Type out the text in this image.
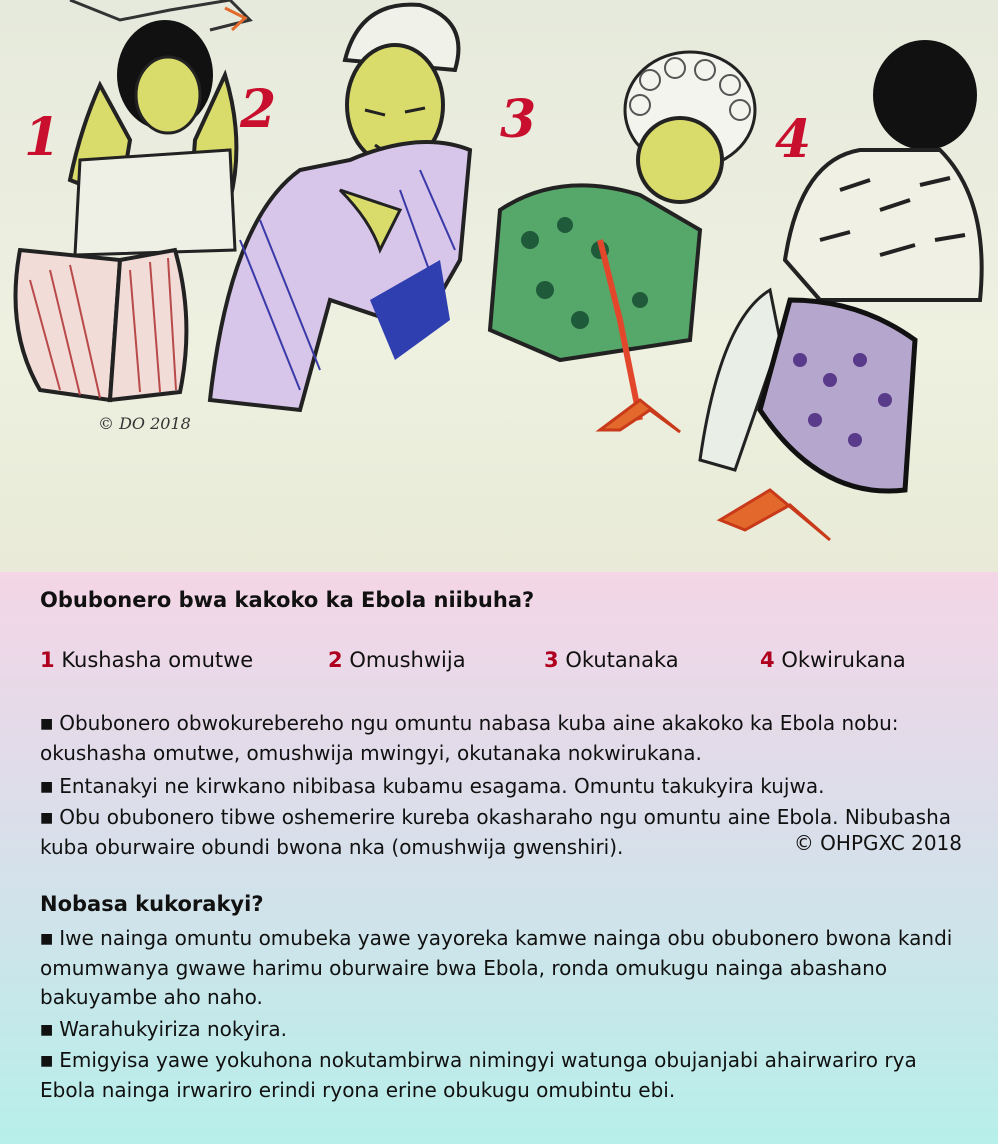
1	2	3	4
© DO 2018
Obubonero bwa kakoko ka Ebola niibuha?
1 Kushasha omutwe	2 Omushwija	3 Okutanaka	4 Okwirukana

■ Obubonero obwokurebereho ngu omuntu nabasa kuba aine akakoko ka Ebola nobu: okushasha omutwe, omushwija mwingyi, okutanaka nokwirukana.

■ Entanakyi ne kirwkano nibibasa kubamu esagama. Omuntu takukyira kujwa.

■ Obu obubonero tibwe oshemerire kureba okasharaho ngu omuntu aine Ebola. Nibubasha kuba oburwaire obundi bwona nka (omushwija gwenshiri).

Nobasa kukorakyi?

■ Iwe nainga omuntu omubeka yawe yayoreka kamwe nainga obu obubonero bwona kandi omumwanya gwawe harimu oburwaire bwa Ebola, ronda omukugu nainga abashano bakuyambe aho naho.

■ Warahukyiriza nokyira.

■ Emigyisa yawe yokuhona nokutambirwa nimingyi watunga obujanjabi ahairwariro rya Ebola nainga irwariro erindi ryona erine obukugu omubintu ebi.

© OHPGXC 2018
